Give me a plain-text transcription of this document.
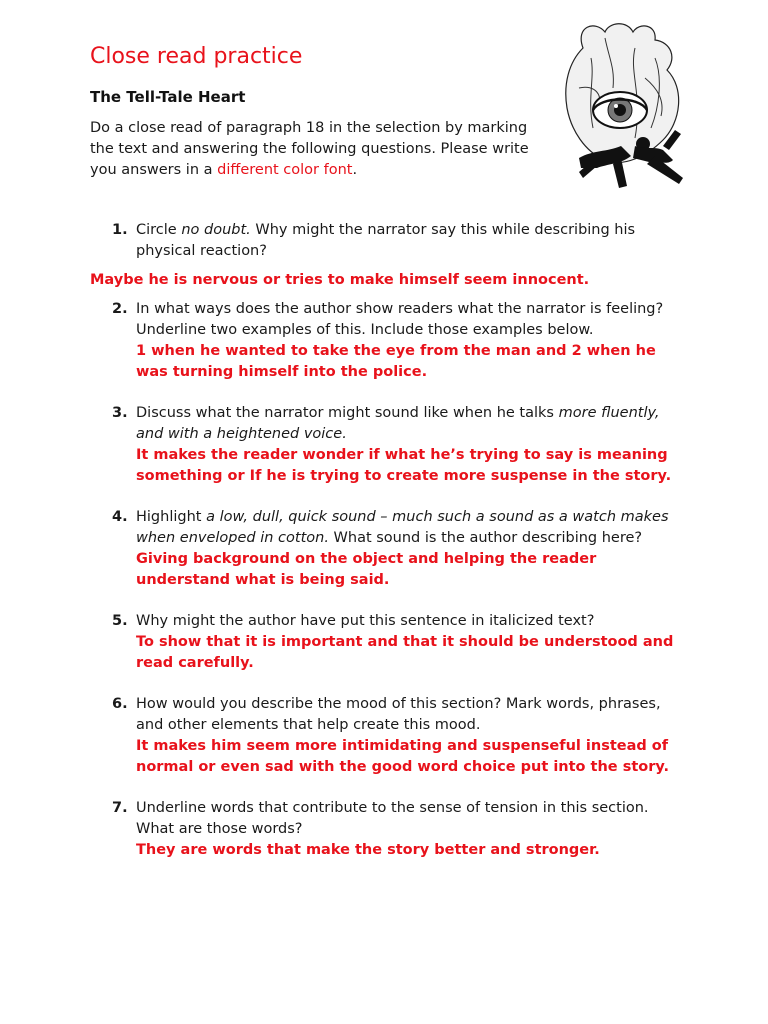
Close read practice
The Tell-Tale Heart

Do a close read of paragraph 18 in the selection by marking the text and answering the following questions. Please write you answers in a different color font.

1. Circle no doubt. Why might the narrator say this while describing his physical reaction?
Maybe he is nervous or tries to make himself seem innocent.
2. In what ways does the author show readers what the narrator is feeling? Underline two examples of this. Include those examples below.
1 when he wanted to take the eye from the man and 2 when he was turning himself into the police.
3. Discuss what the narrator might sound like when he talks more fluently, and with a heightened voice.
It makes the reader wonder if what he’s trying to say is meaning something or If he is trying to create more suspense in the story.
4. Highlight a low, dull, quick sound – much such a sound as a watch makes when enveloped in cotton. What sound is the author describing here?
Giving background on the object and helping the reader understand what is being said.
5. Why might the author have put this sentence in italicized text?
To show that it is important and that it should be understood and read carefully.
6. How would you describe the mood of this section? Mark words, phrases, and other elements that help create this mood.
It makes him seem more intimidating and suspenseful instead of normal or even sad with the good word choice put into the story.
7. Underline words that contribute to the sense of tension in this section. What are those words?
They are words that make the story better and stronger.
